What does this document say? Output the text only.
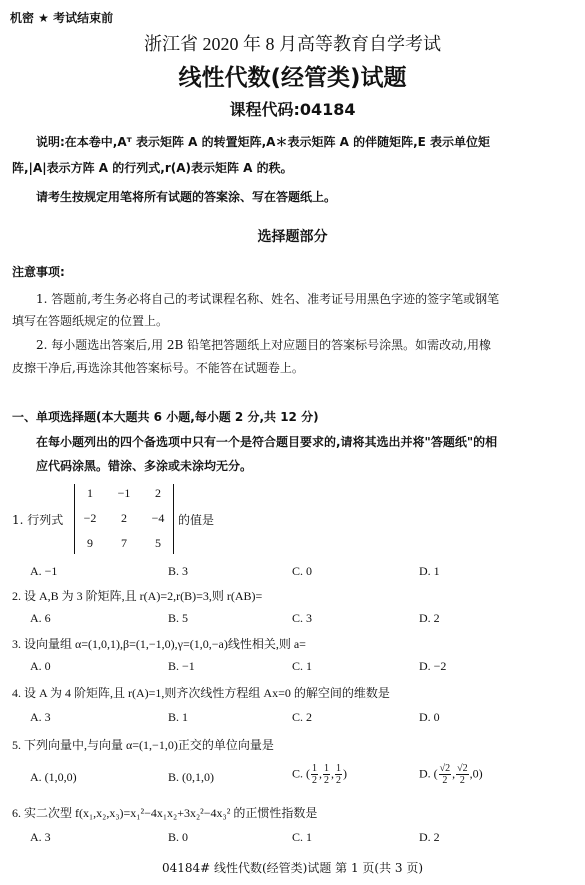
机密 ★ 考试结束前
浙江省 2020 年 8 月高等教育自学考试
线性代数(经管类)试题
课程代码:04184
说明:在本卷中,Aᵀ 表示矩阵 A 的转置矩阵,A＊表示矩阵 A 的伴随矩阵,E 表示单位矩
阵,|A|表示方阵 A 的行列式,r(A)表示矩阵 A 的秩。
请考生按规定用笔将所有试题的答案涂、写在答题纸上。
选择题部分
注意事项:
1. 答题前,考生务必将自己的考试课程名称、姓名、准考证号用黑色字迹的签字笔或钢笔
填写在答题纸规定的位置上。
2. 每小题选出答案后,用 2B 铅笔把答题纸上对应题目的答案标号涂黑。如需改动,用橡
皮擦干净后,再选涂其他答案标号。不能答在试题卷上。
一、单项选择题(本大题共 6 小题,每小题 2 分,共 12 分)
在每小题列出的四个备选项中只有一个是符合题目要求的,请将其选出并将"答题纸"的相
应代码涂黑。错涂、多涂或未涂均无分。
1. 行列式
1	−1	2
−2	2	−4
9	7	5
的值是
A. −1	B. 3	C. 0	D. 1
2. 设 A,B 为 3 阶矩阵,且 r(A)=2,r(B)=3,则 r(AB)=
A. 6	B. 5	C. 3	D. 2
3. 设向量组 α=(1,0,1),β=(1,−1,0),γ=(1,0,−a)线性相关,则 a=
A. 0	B. −1	C. 1	D. −2
4. 设 A 为 4 阶矩阵,且 r(A)=1,则齐次线性方程组 Ax=0 的解空间的维数是
A. 3	B. 1	C. 2	D. 0
5. 下列向量中,与向量 α=(1,−1,0)正交的单位向量是
A. (1,0,0)	B. (0,1,0)	C. ( $\frac{1}{2}$ , $\frac{1}{2}$ , $\frac{1}{2}$ )	D. ( $\frac{√2}{2}$ , $\frac{√2}{2} ,0$)
6. 实二次型 f(x₁,x₂,x₃)=x₁²−4x₁x₂+3x₂²−4x₃² 的正惯性指数是
A. 3	B. 0	C. 1	D. 2
04184# 线性代数(经管类)试题 第 1 页(共 3 页)
